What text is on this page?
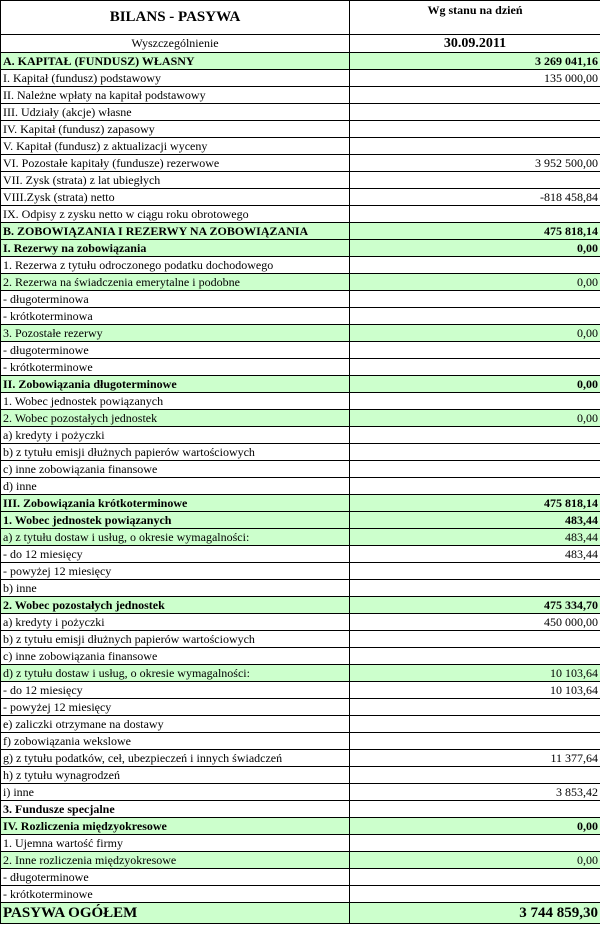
BILANS - PASYWA	Wg stanu na dzień
Wyszczególnienie	30.09.2011
A. KAPITAŁ (FUNDUSZ) WŁASNY	3 269 041,16
I. Kapitał (fundusz) podstawowy	135 000,00
II. Należne wpłaty na kapitał podstawowy	
III. Udziały (akcje) własne	
IV. Kapitał (fundusz) zapasowy	
V. Kapitał (fundusz) z aktualizacji wyceny	
VI. Pozostałe kapitały (fundusze) rezerwowe	3 952 500,00
VII. Zysk (strata) z lat ubiegłych	
VIII.Zysk (strata) netto	-818 458,84
IX. Odpisy z zysku netto w ciągu roku obrotowego	
B. ZOBOWIĄZANIA I REZERWY NA ZOBOWIĄZANIA	475 818,14
I. Rezerwy na zobowiązania	0,00
1. Rezerwa z tytułu odroczonego podatku dochodowego	
2. Rezerwa na świadczenia emerytalne i podobne	0,00
- długoterminowa	
- krótkoterminowa	
3. Pozostałe rezerwy	0,00
- długoterminowe	
- krótkoterminowe	
II. Zobowiązania długoterminowe	0,00
1. Wobec jednostek powiązanych	
2. Wobec pozostałych jednostek	0,00
a) kredyty i pożyczki	
b) z tytułu emisji dłużnych papierów wartościowych	
c) inne zobowiązania finansowe	
d) inne	
III. Zobowiązania krótkoterminowe	475 818,14
1. Wobec jednostek powiązanych	483,44
a) z tytułu dostaw i usług, o okresie wymagalności:	483,44
- do 12 miesięcy	483,44
- powyżej 12 miesięcy	
b) inne	
2. Wobec pozostałych jednostek	475 334,70
a) kredyty i pożyczki	450 000,00
b) z tytułu emisji dłużnych papierów wartościowych	
c) inne zobowiązania finansowe	
d) z tytułu dostaw i usług, o okresie wymagalności:	10 103,64
- do 12 miesięcy	10 103,64
- powyżej 12 miesięcy	
e) zaliczki otrzymane na dostawy	
f) zobowiązania wekslowe	
g) z tytułu podatków, ceł, ubezpieczeń i innych świadczeń	11 377,64
h) z tytułu wynagrodzeń	
i) inne	3 853,42
3. Fundusze specjalne	
IV. Rozliczenia międzyokresowe	0,00
1. Ujemna wartość firmy	
2. Inne rozliczenia międzyokresowe	0,00
- długoterminowe	
- krótkoterminowe	
PASYWA OGÓŁEM	3 744 859,30
